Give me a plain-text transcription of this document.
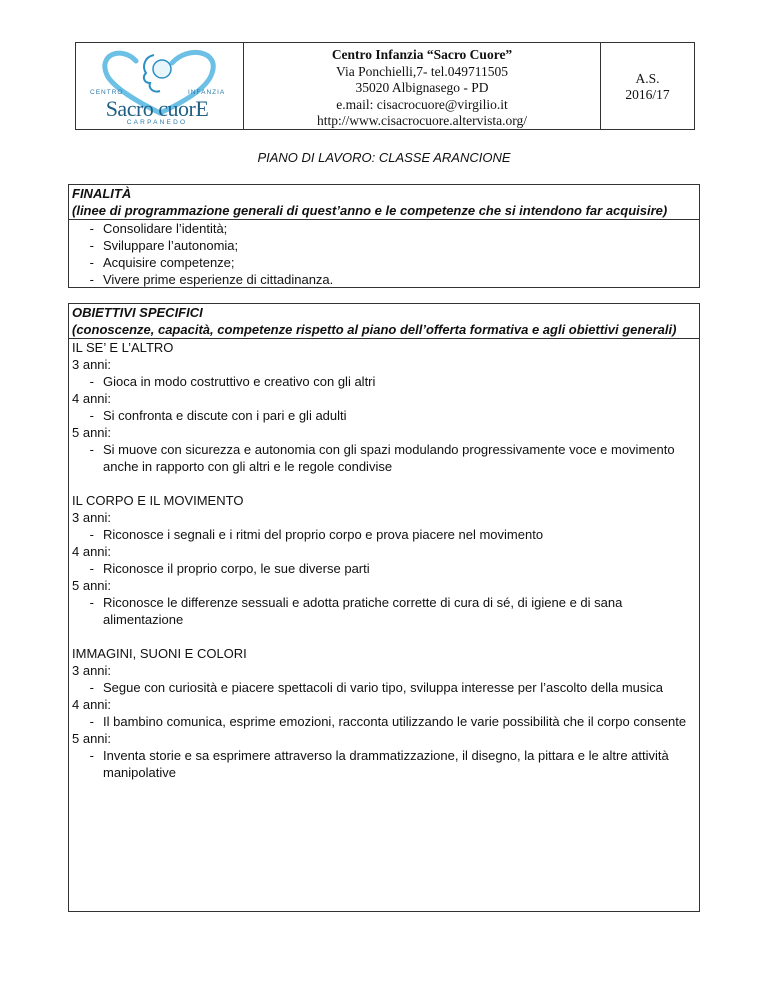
CENTRO	INFANZIA
Sacro cuorE
CARPANEDO
Centro Infanzia “Sacro Cuore”
Via Ponchielli,7- tel.049711505
35020 Albignasego - PD
e.mail: cisacrocuore@virgilio.it
http://www.cisacrocuore.altervista.org/
A.S.
2016/17
PIANO DI LAVORO: CLASSE ARANCIONE
FINALITÀ
(linee di programmazione generali di quest’anno e le competenze che si intendono far acquisire)
- Consolidare l’identità;
- Sviluppare l’autonomia;
- Acquisire competenze;
- Vivere prime esperienze di cittadinanza.
OBIETTIVI SPECIFICI
(conoscenze, capacità, competenze rispetto al piano dell’offerta formativa e agli obiettivi generali)
IL SE’ E L’ALTRO
3 anni:
- Gioca in modo costruttivo e creativo con gli altri
4 anni:
- Si confronta e discute con i pari e gli adulti
5 anni:
- Si muove con sicurezza e autonomia con gli spazi modulando progressivamente voce e movimento anche in rapporto con gli altri e le regole condivise
IL CORPO E IL MOVIMENTO
3 anni:
- Riconosce i segnali e i ritmi del proprio corpo e prova piacere nel movimento
4 anni:
- Riconosce il proprio corpo, le sue diverse parti
5 anni:
- Riconosce le differenze sessuali e adotta pratiche corrette di cura di sé, di igiene e di sana alimentazione
IMMAGINI, SUONI E COLORI
3 anni:
- Segue con curiosità e piacere spettacoli di vario tipo, sviluppa interesse per l’ascolto della musica
4 anni:
- Il bambino comunica, esprime emozioni, racconta utilizzando le varie possibilità che il corpo consente
5 anni:
- Inventa storie e sa esprimere attraverso la drammatizzazione, il disegno, la pittara e le altre attività manipolative
